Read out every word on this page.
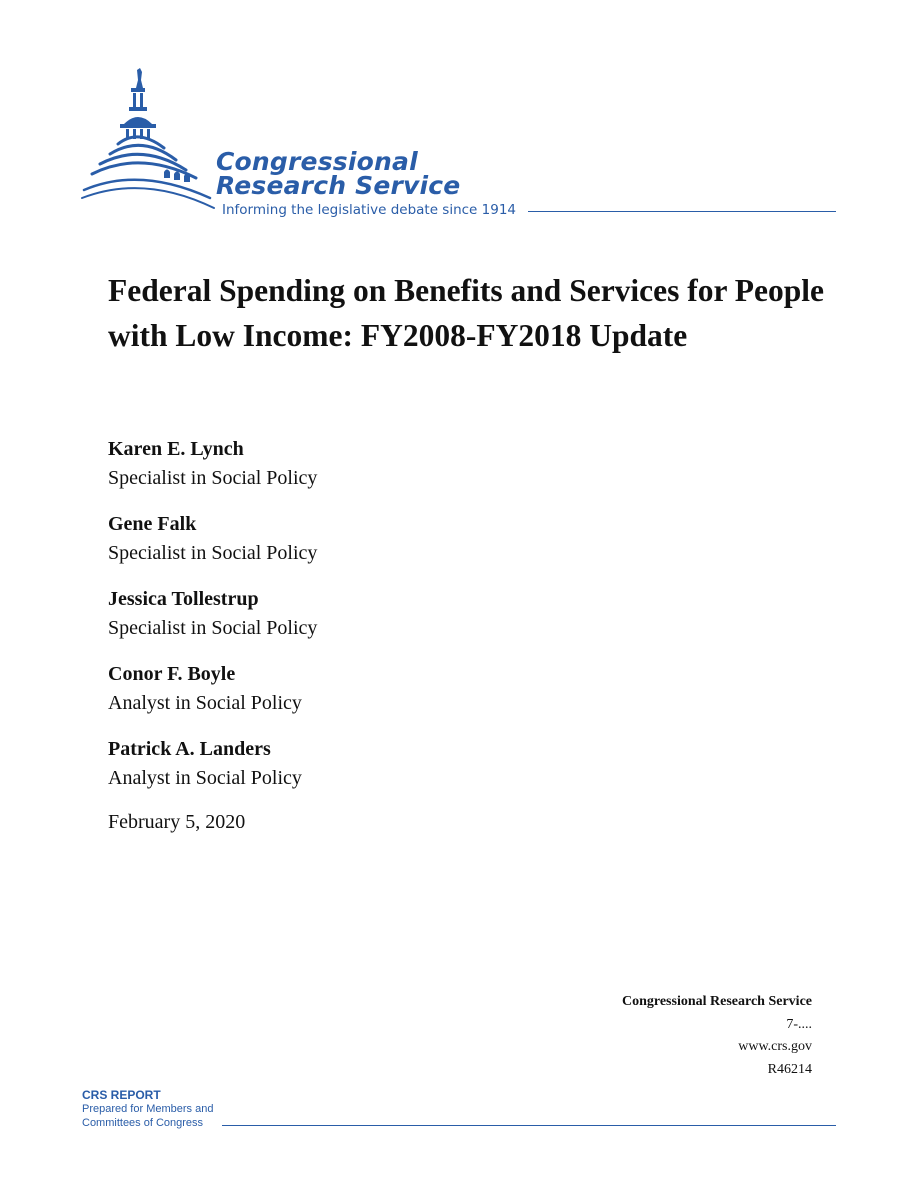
Congressional
Research Service
Informing the legislative debate since 1914
Federal Spending on Benefits and Services for People with Low Income: FY2008-FY2018 Update
Karen E. Lynch
Specialist in Social Policy
Gene Falk
Specialist in Social Policy
Jessica Tollestrup
Specialist in Social Policy
Conor F. Boyle
Analyst in Social Policy
Patrick A. Landers
Analyst in Social Policy
February 5, 2020
Congressional Research Service
7-....
www.crs.gov
R46214
CRS REPORT
Prepared for Members and
Committees of Congress
